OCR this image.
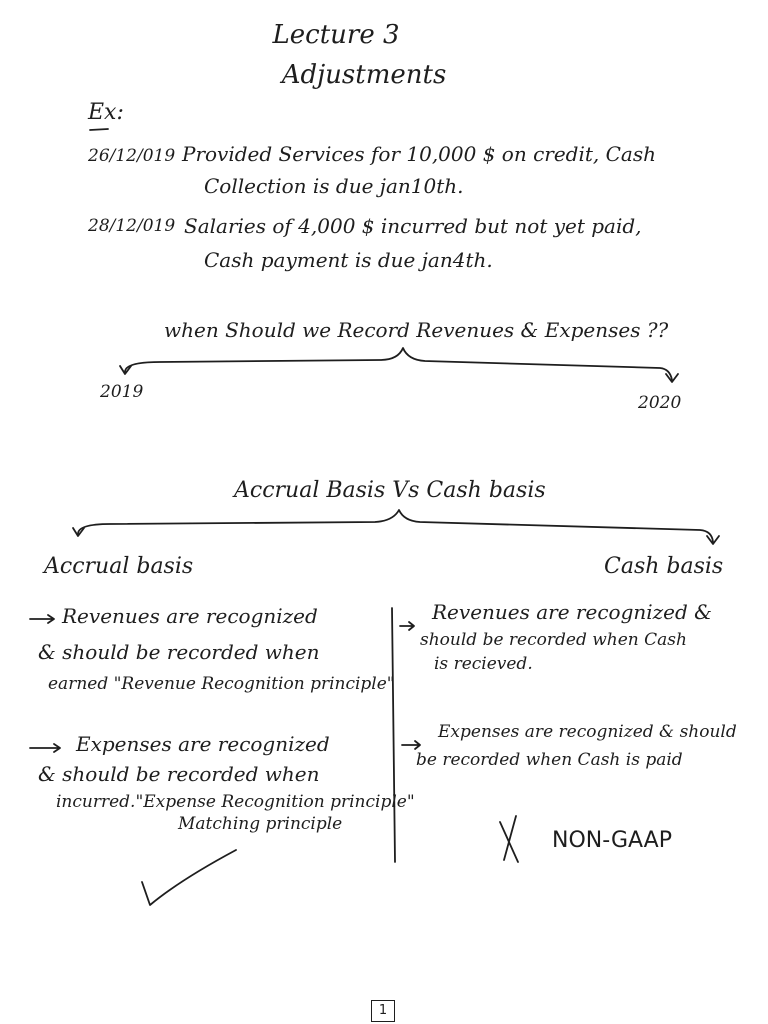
Lecture 3
Adjustments
Ex:
26/12/019 Provided Services for 10,000 $ on credit, Cash
Collection is due jan10th.
28/12/019 Salaries of 4,000 $ incurred but not yet paid,
Cash payment is due jan4th.
when Should we Record Revenues & Expenses ??
2019
2020
Accrual Basis Vs Cash basis
Accrual basis
Revenues are recognized
& should be recorded when
earned "Revenue Recognition principle"
Expenses are recognized
& should be recorded when
incurred."Expense Recognition principle"
Matching principle
Cash basis
Revenues are recognized &
should be recorded when Cash
is recieved.
Expenses are recognized & should
be recorded when Cash is paid
NON-GAAP
1
